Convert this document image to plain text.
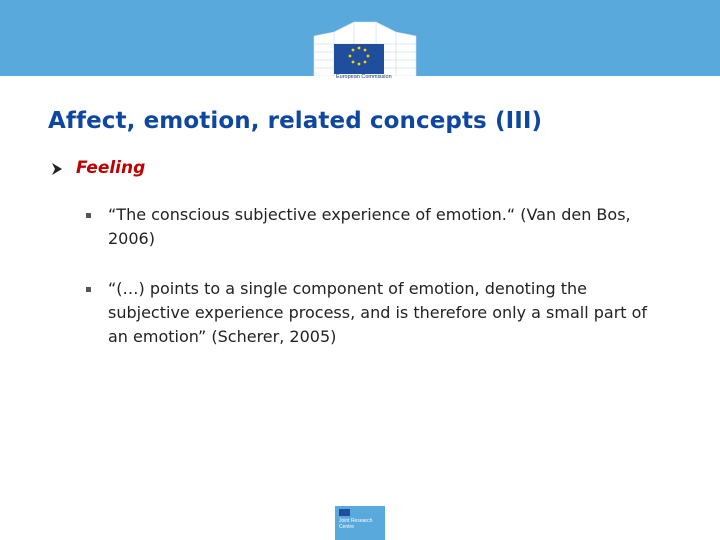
European Commission
Affect, emotion, related concepts (III)
Feeling
“The conscious subjective experience of emotion.“ (Van den Bos, 2006)
“(…) points to a single component of emotion, denoting the subjective experience process, and is therefore only a small part of an emotion” (Scherer, 2005)
Joint Research Centre
